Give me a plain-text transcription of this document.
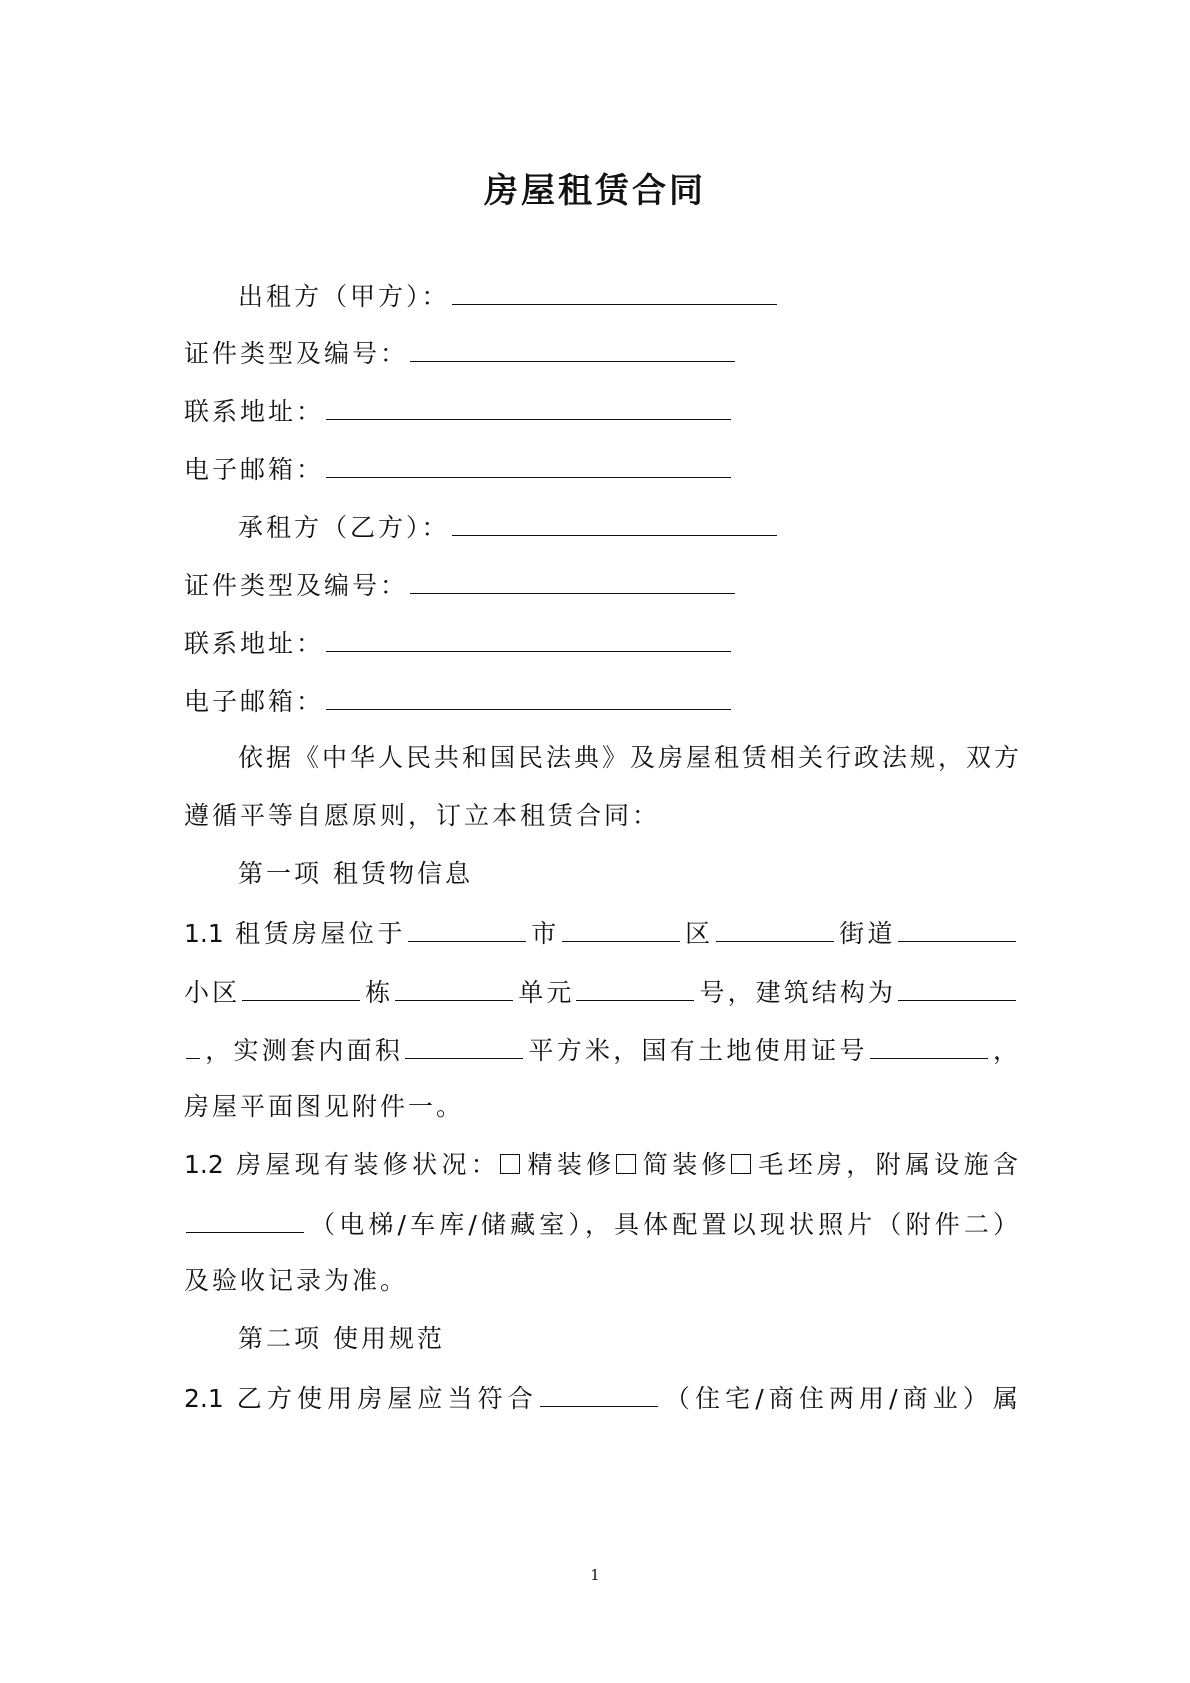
房屋租赁合同
出租方（甲方）：
证件类型及编号：
联系地址：
电子邮箱：
承租方（乙方）：
证件类型及编号：
联系地址：
电子邮箱：
依据《中华人民共和国民法典》及房屋租赁相关行政法规，双方
遵循平等自愿原则，订立本租赁合同：
第一项 租赁物信息
1.1 租赁房屋位于	市	区	街道
小区	栋	单元	号，建筑结构为
，实测套内面积	平方米，国有土地使用证号	，
房屋平面图见附件一。
1.2 房屋现有装修状况： 精装修 简装修 毛坯房，附属设施含
（电梯/车库/储藏室），具体配置以现状照片（附件二）
及验收记录为准。
第二项 使用规范
2.1 乙方使用房屋应当符合	（住宅/商住两用/商业）属
1
